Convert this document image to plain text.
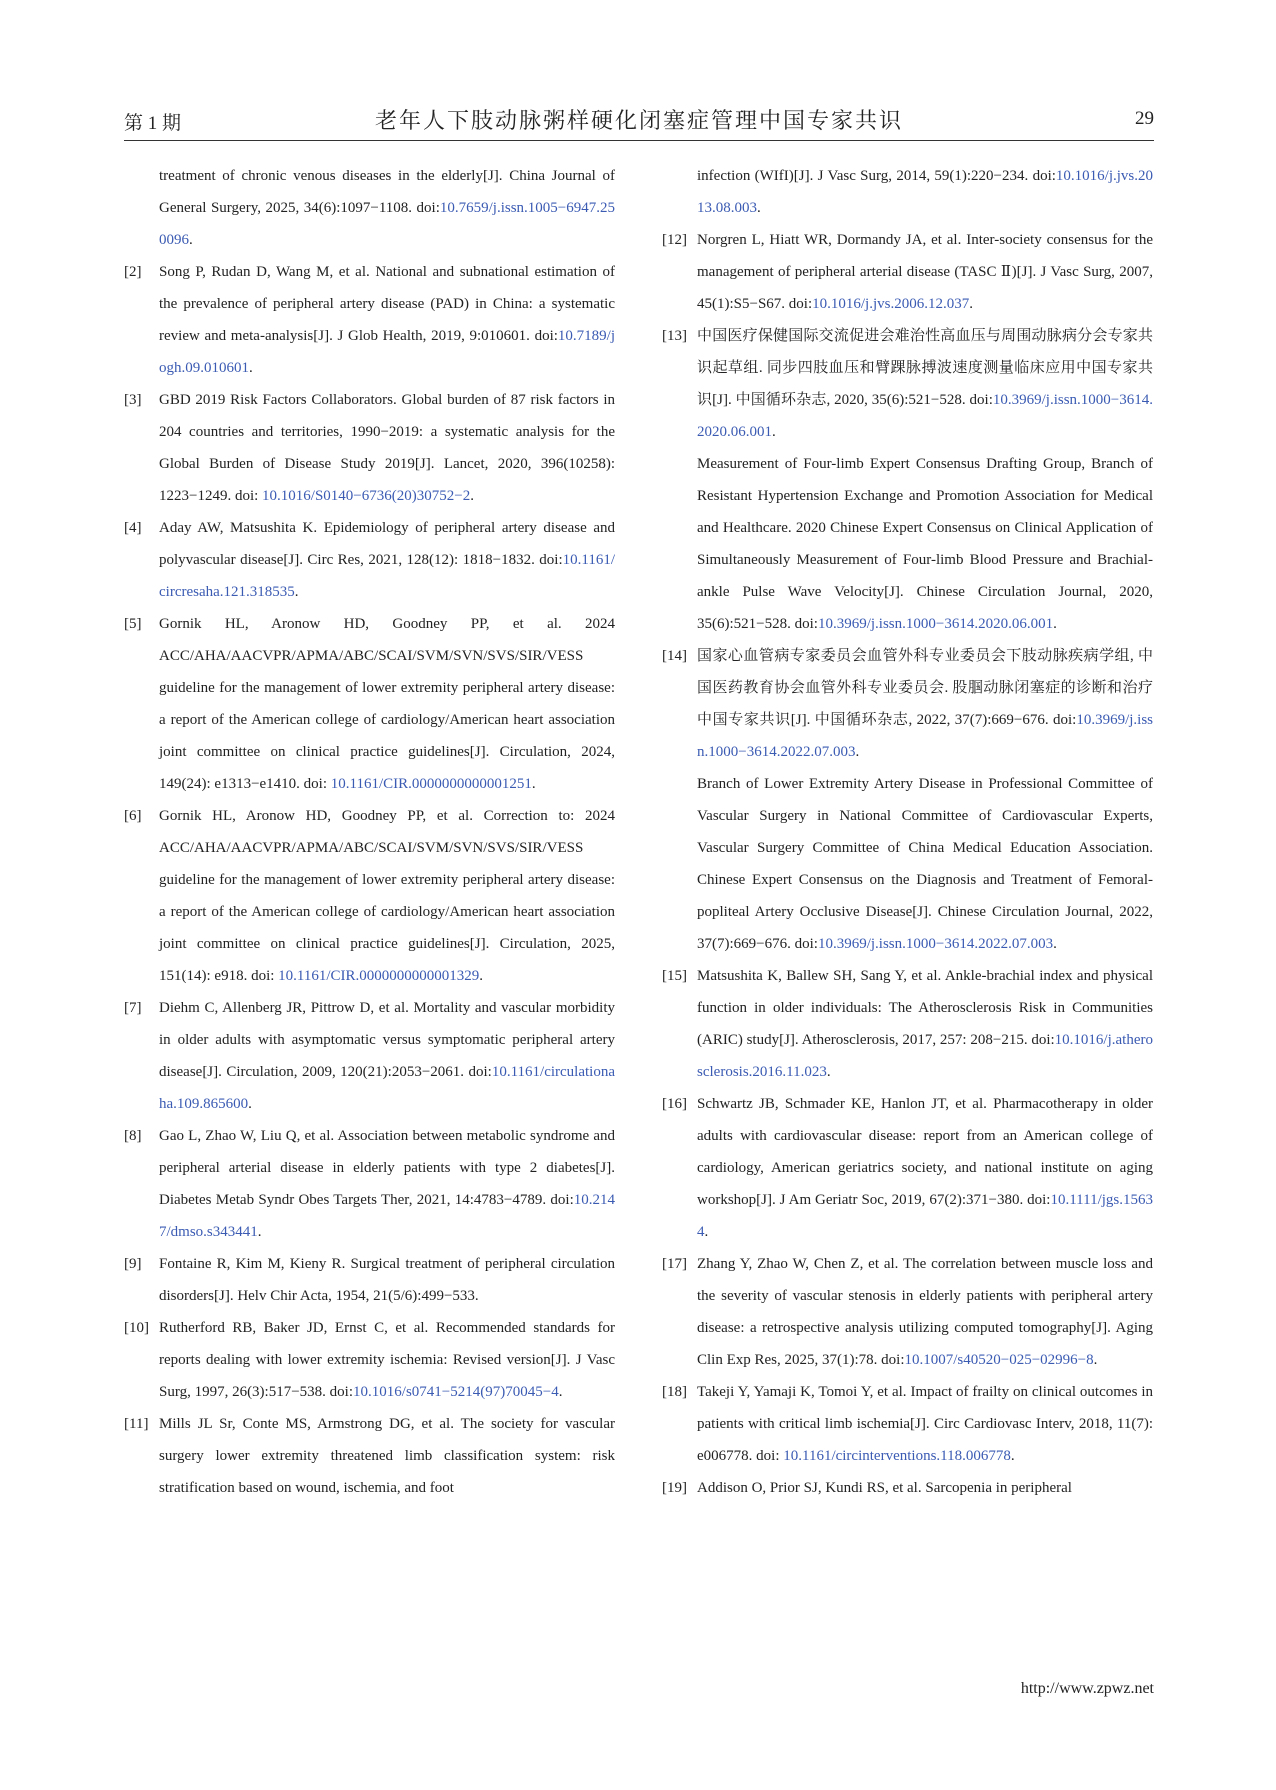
第 1 期	老年人下肢动脉粥样硬化闭塞症管理中国专家共识	29
treatment of chronic venous diseases in the elderly[J]. China Journal of General Surgery, 2025, 34(6):1097−1108. doi:10.7659/j.issn.1005−6947.250096.
[2] Song P, Rudan D, Wang M, et al. National and subnational estimation of the prevalence of peripheral artery disease (PAD) in China: a systematic review and meta-analysis[J]. J Glob Health, 2019, 9:010601. doi:10.7189/jogh.09.010601.
[3] GBD 2019 Risk Factors Collaborators. Global burden of 87 risk factors in 204 countries and territories, 1990−2019: a systematic analysis for the Global Burden of Disease Study 2019[J]. Lancet, 2020, 396(10258): 1223−1249. doi: 10.1016/S0140−6736(20)30752−2.
[4] Aday AW, Matsushita K. Epidemiology of peripheral artery disease and polyvascular disease[J]. Circ Res, 2021, 128(12): 1818−1832. doi:10.1161/circresaha.121.318535.
[5] Gornik HL, Aronow HD, Goodney PP, et al. 2024 ACC/AHA/AACVPR/APMA/ABC/SCAI/SVM/SVN/SVS/SIR/VESS guideline for the management of lower extremity peripheral artery disease: a report of the American college of cardiology/American heart association joint committee on clinical practice guidelines[J]. Circulation, 2024, 149(24): e1313−e1410. doi: 10.1161/CIR.0000000000001251.
[6] Gornik HL, Aronow HD, Goodney PP, et al. Correction to: 2024 ACC/AHA/AACVPR/APMA/ABC/SCAI/SVM/SVN/SVS/SIR/VESS guideline for the management of lower extremity peripheral artery disease: a report of the American college of cardiology/American heart association joint committee on clinical practice guidelines[J]. Circulation, 2025, 151(14): e918. doi: 10.1161/CIR.0000000000001329.
[7] Diehm C, Allenberg JR, Pittrow D, et al. Mortality and vascular morbidity in older adults with asymptomatic versus symptomatic peripheral artery disease[J]. Circulation, 2009, 120(21):2053−2061. doi:10.1161/circulationaha.109.865600.
[8] Gao L, Zhao W, Liu Q, et al. Association between metabolic syndrome and peripheral arterial disease in elderly patients with type 2 diabetes[J]. Diabetes Metab Syndr Obes Targets Ther, 2021, 14:4783−4789. doi:10.2147/dmso.s343441.
[9] Fontaine R, Kim M, Kieny R. Surgical treatment of peripheral circulation disorders[J]. Helv Chir Acta, 1954, 21(5/6):499−533.
[10] Rutherford RB, Baker JD, Ernst C, et al. Recommended standards for reports dealing with lower extremity ischemia: Revised version[J]. J Vasc Surg, 1997, 26(3):517−538. doi:10.1016/s0741−5214(97)70045−4.
[11] Mills JL Sr, Conte MS, Armstrong DG, et al. The society for vascular surgery lower extremity threatened limb classification system: risk stratification based on wound, ischemia, and foot
infection (WIfI)[J]. J Vasc Surg, 2014, 59(1):220−234. doi:10.1016/j.jvs.2013.08.003.
[12] Norgren L, Hiatt WR, Dormandy JA, et al. Inter-society consensus for the management of peripheral arterial disease (TASC Ⅱ)[J]. J Vasc Surg, 2007, 45(1):S5−S67. doi:10.1016/j.jvs.2006.12.037.
[13] 中国医疗保健国际交流促进会难治性高血压与周围动脉病分会专家共识起草组. 同步四肢血压和臂踝脉搏波速度测量临床应用中国专家共识[J]. 中国循环杂志, 2020, 35(6):521−528. doi:10.3969/j.issn.1000−3614.2020.06.001.
Measurement of Four-limb Expert Consensus Drafting Group, Branch of Resistant Hypertension Exchange and Promotion Association for Medical and Healthcare. 2020 Chinese Expert Consensus on Clinical Application of Simultaneously Measurement of Four-limb Blood Pressure and Brachial-ankle Pulse Wave Velocity[J]. Chinese Circulation Journal, 2020, 35(6):521−528. doi:10.3969/j.issn.1000−3614.2020.06.001.
[14] 国家心血管病专家委员会血管外科专业委员会下肢动脉疾病学组, 中国医药教育协会血管外科专业委员会. 股腘动脉闭塞症的诊断和治疗中国专家共识[J]. 中国循环杂志, 2022, 37(7):669−676. doi:10.3969/j.issn.1000−3614.2022.07.003.
Branch of Lower Extremity Artery Disease in Professional Committee of Vascular Surgery in National Committee of Cardiovascular Experts, Vascular Surgery Committee of China Medical Education Association. Chinese Expert Consensus on the Diagnosis and Treatment of Femoral-popliteal Artery Occlusive Disease[J]. Chinese Circulation Journal, 2022, 37(7):669−676. doi:10.3969/j.issn.1000−3614.2022.07.003.
[15] Matsushita K, Ballew SH, Sang Y, et al. Ankle-brachial index and physical function in older individuals: The Atherosclerosis Risk in Communities (ARIC) study[J]. Atherosclerosis, 2017, 257: 208−215. doi:10.1016/j.atherosclerosis.2016.11.023.
[16] Schwartz JB, Schmader KE, Hanlon JT, et al. Pharmacotherapy in older adults with cardiovascular disease: report from an American college of cardiology, American geriatrics society, and national institute on aging workshop[J]. J Am Geriatr Soc, 2019, 67(2):371−380. doi:10.1111/jgs.15634.
[17] Zhang Y, Zhao W, Chen Z, et al. The correlation between muscle loss and the severity of vascular stenosis in elderly patients with peripheral artery disease: a retrospective analysis utilizing computed tomography[J]. Aging Clin Exp Res, 2025, 37(1):78. doi:10.1007/s40520−025−02996−8.
[18] Takeji Y, Yamaji K, Tomoi Y, et al. Impact of frailty on clinical outcomes in patients with critical limb ischemia[J]. Circ Cardiovasc Interv, 2018, 11(7): e006778. doi: 10.1161/circinterventions.118.006778.
[19] Addison O, Prior SJ, Kundi RS, et al. Sarcopenia in peripheral
http://www.zpwz.net
